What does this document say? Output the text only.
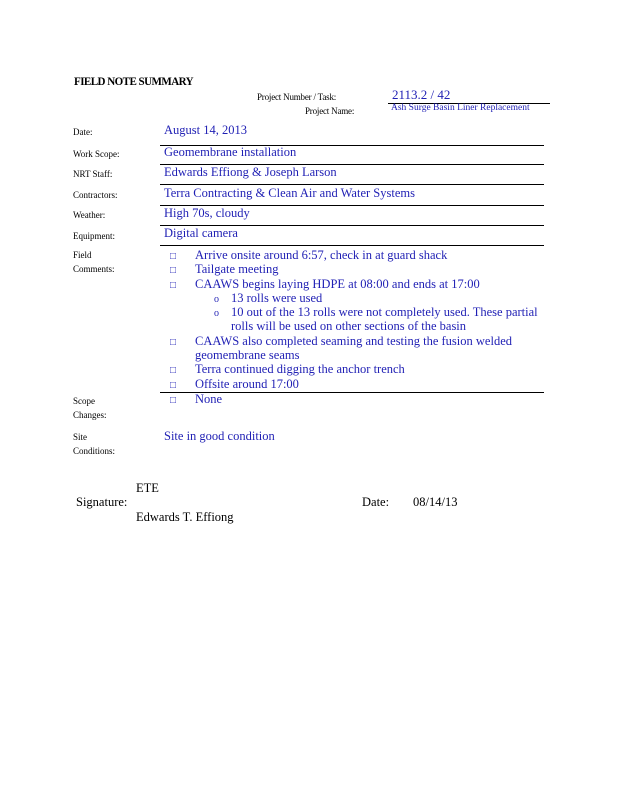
FIELD NOTE SUMMARY
Project Number / Task:	2113.2 / 42
Project Name:	Ash Surge Basin Liner Replacement
Date:	August 14, 2013
Work Scope:	Geomembrane installation
NRT Staff:	Edwards Effiong & Joseph Larson
Contractors:	Terra Contracting & Clean Air and Water Systems
Weather:	High 70s, cloudy
Equipment:	Digital camera
Field
Comments:
□ Arrive onsite around 6:57, check in at guard shack
□ Tailgate meeting
□ CAAWS begins laying HDPE at 08:00 and ends at 17:00
o 13 rolls were used
o 10 out of the 13 rolls were not completely used. These partial
rolls will be used on other sections of the basin
□ CAAWS also completed seaming and testing the fusion welded
geomembrane seams
□ Terra continued digging the anchor trench
□ Offsite around 17:00
Scope
Changes:
□ None
Site
Conditions:
Site in good condition
ETE
Signature:
Edwards T. Effiong
Date: 08/14/13
